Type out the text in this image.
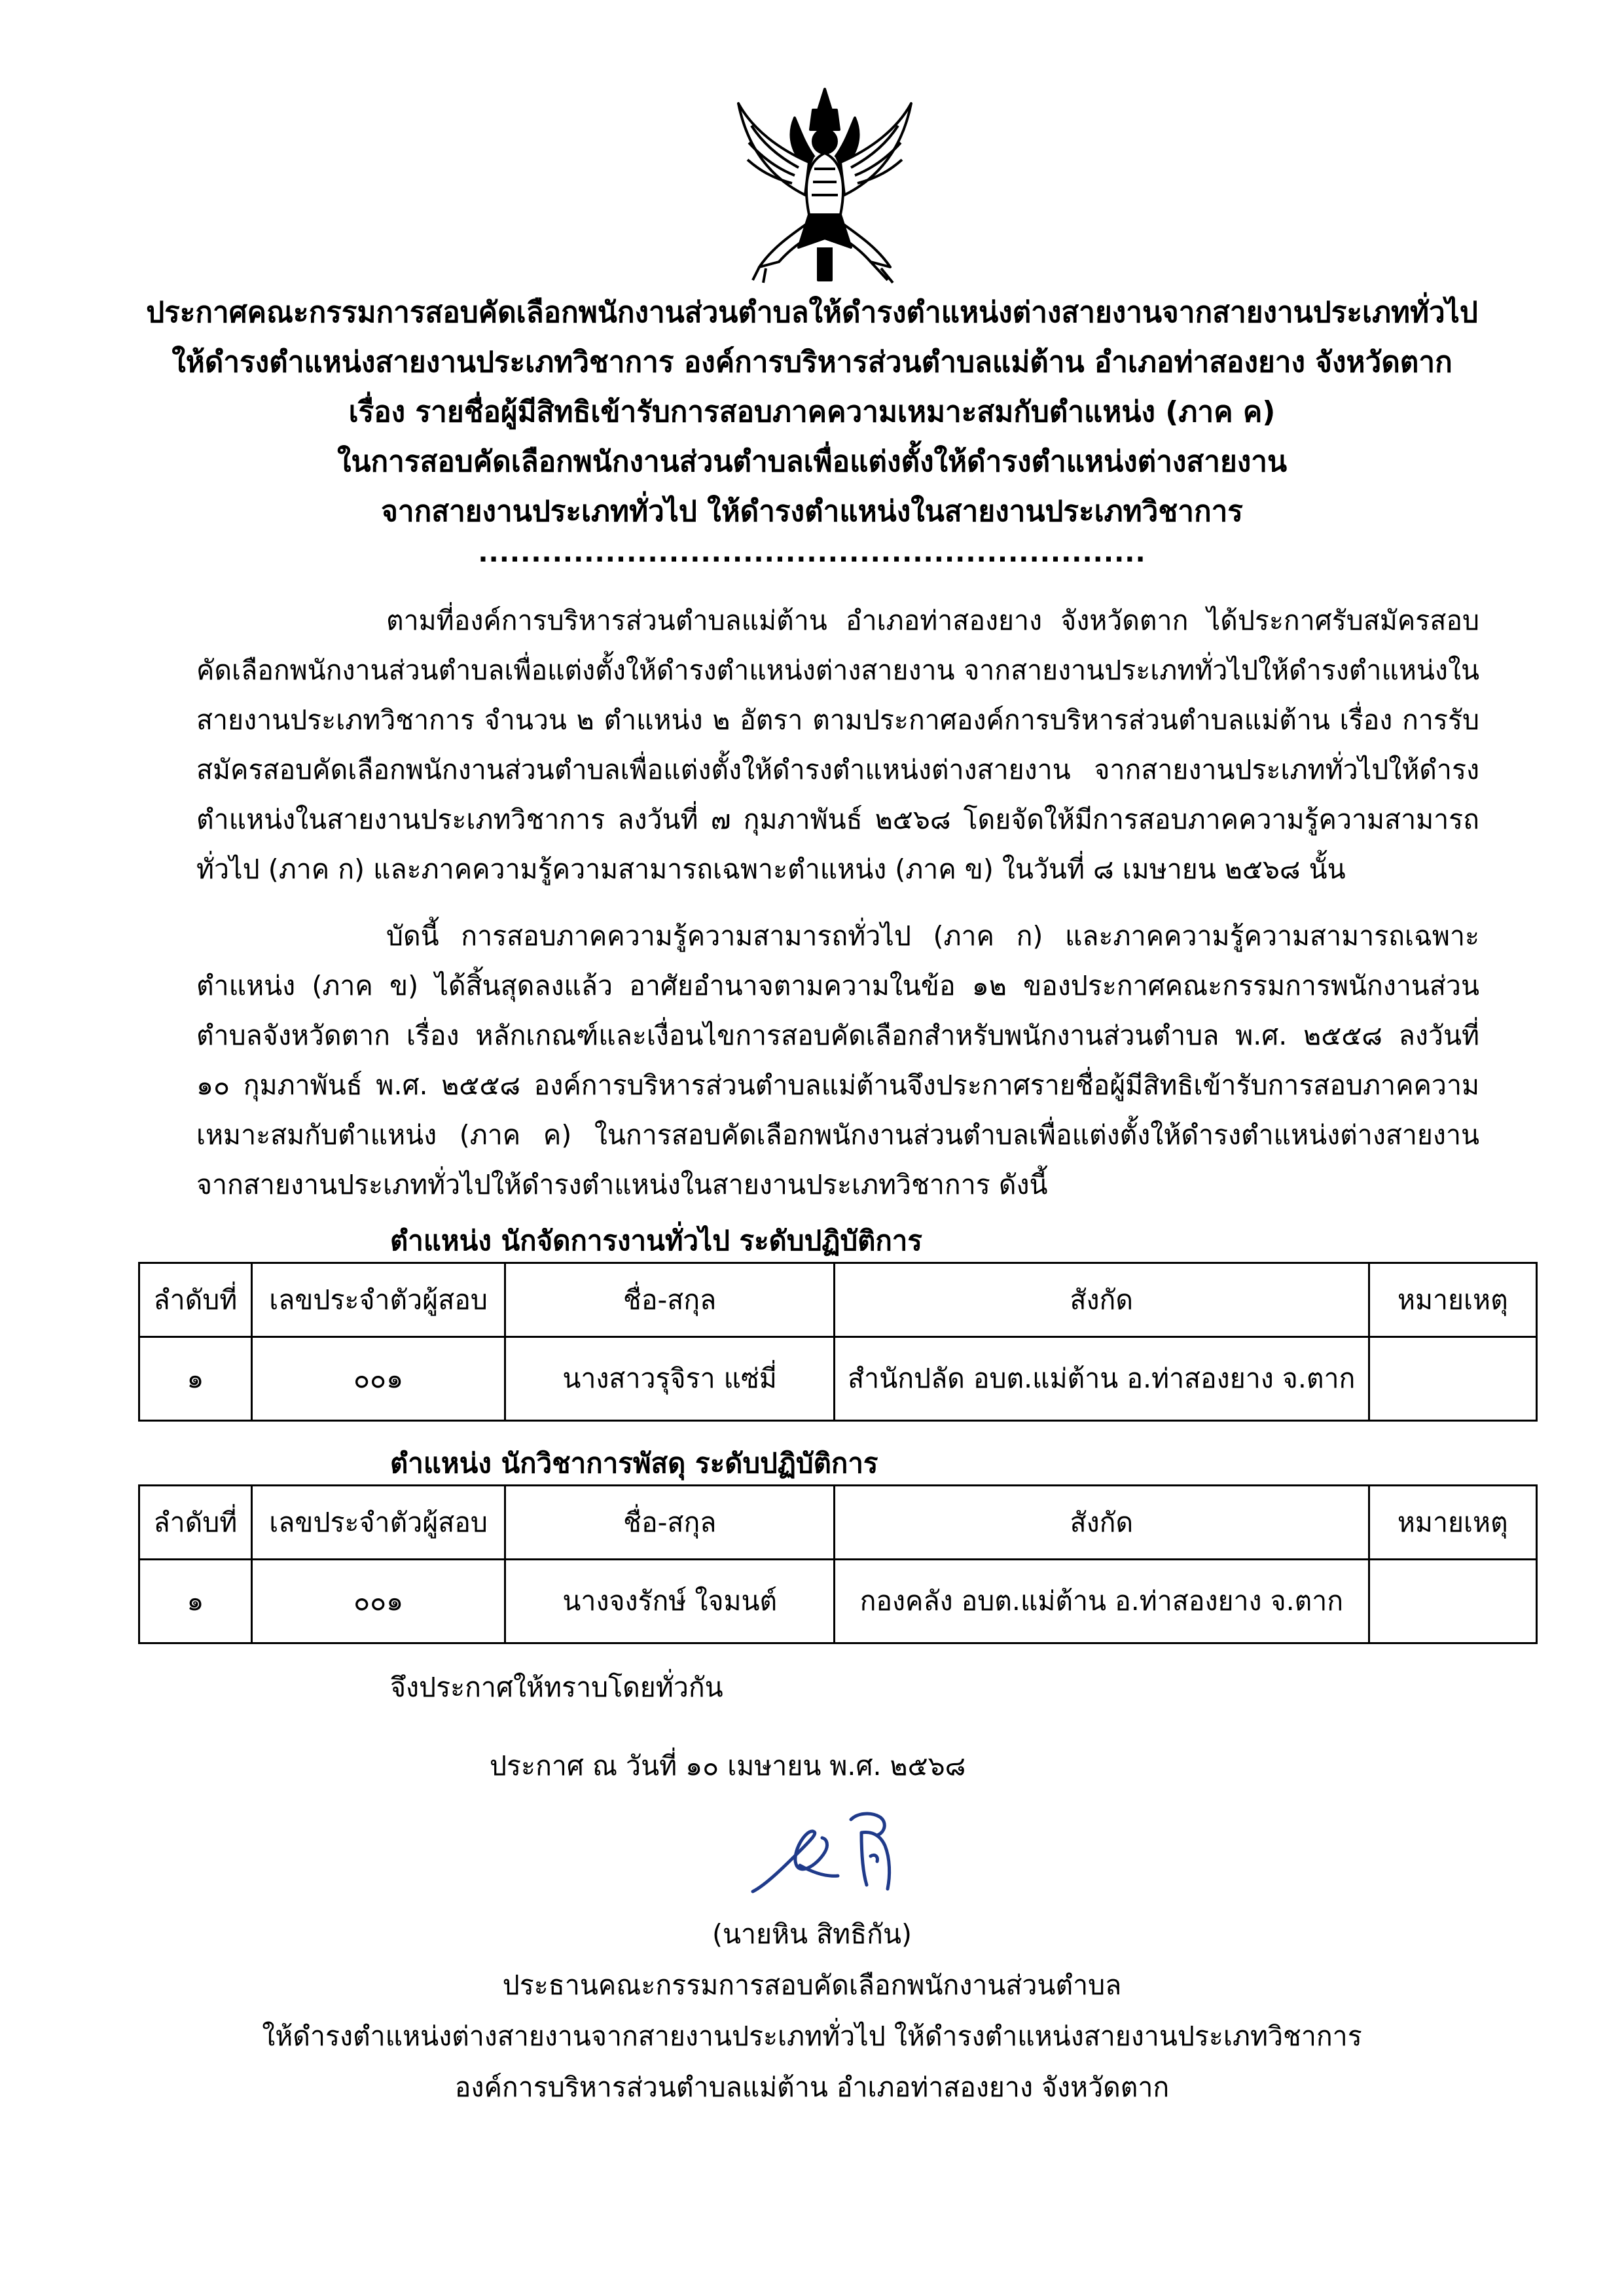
ประกาศคณะกรรมการสอบคัดเลือกพนักงานส่วนตำบลให้ดำรงตำแหน่งต่างสายงานจากสายงานประเภททั่วไป
ให้ดำรงตำแหน่งสายงานประเภทวิชาการ องค์การบริหารส่วนตำบลแม่ต้าน อำเภอท่าสองยาง จังหวัดตาก
เรื่อง รายชื่อผู้มีสิทธิเข้ารับการสอบภาคความเหมาะสมกับตำแหน่ง (ภาค ค)
ในการสอบคัดเลือกพนักงานส่วนตำบลเพื่อแต่งตั้งให้ดำรงตำแหน่งต่างสายงาน
จากสายงานประเภททั่วไป ให้ดำรงตำแหน่งในสายงานประเภทวิชาการ
...............................................................
ตามที่องค์การบริหารส่วนตำบลแม่ต้าน อำเภอท่าสองยาง จังหวัดตาก ได้ประกาศรับสมัครสอบคัดเลือกพนักงานส่วนตำบลเพื่อแต่งตั้งให้ดำรงตำแหน่งต่างสายงาน จากสายงานประเภททั่วไปให้ดำรงตำแหน่งในสายงานประเภทวิชาการ จำนวน ๒ ตำแหน่ง ๒ อัตรา ตามประกาศองค์การบริหารส่วนตำบลแม่ต้าน เรื่อง การรับสมัครสอบคัดเลือกพนักงานส่วนตำบลเพื่อแต่งตั้งให้ดำรงตำแหน่งต่างสายงาน จากสายงานประเภททั่วไปให้ดำรงตำแหน่งในสายงานประเภทวิชาการ ลงวันที่ ๗ กุมภาพันธ์ ๒๕๖๘ โดยจัดให้มีการสอบภาคความรู้ความสามารถทั่วไป (ภาค ก) และภาคความรู้ความสามารถเฉพาะตำแหน่ง (ภาค ข) ในวันที่ ๘ เมษายน ๒๕๖๘ นั้น
บัดนี้ การสอบภาคความรู้ความสามารถทั่วไป (ภาค ก) และภาคความรู้ความสามารถเฉพาะตำแหน่ง (ภาค ข) ได้สิ้นสุดลงแล้ว อาศัยอำนาจตามความในข้อ ๑๒ ของประกาศคณะกรรมการพนักงานส่วนตำบลจังหวัดตาก เรื่อง หลักเกณฑ์และเงื่อนไขการสอบคัดเลือกสำหรับพนักงานส่วนตำบล พ.ศ. ๒๕๕๘ ลงวันที่ ๑๐ กุมภาพันธ์ พ.ศ. ๒๕๕๘ องค์การบริหารส่วนตำบลแม่ต้านจึงประกาศรายชื่อผู้มีสิทธิเข้ารับการสอบภาคความเหมาะสมกับตำแหน่ง (ภาค ค) ในการสอบคัดเลือกพนักงานส่วนตำบลเพื่อแต่งตั้งให้ดำรงตำแหน่งต่างสายงานจากสายงานประเภททั่วไปให้ดำรงตำแหน่งในสายงานประเภทวิชาการ ดังนี้
ตำแหน่ง นักจัดการงานทั่วไป ระดับปฏิบัติการ
ลำดับที่	เลขประจำตัวผู้สอบ	ชื่อ-สกุล	สังกัด	หมายเหตุ
๑	๐๐๑	นางสาวรุจิรา แซ่มี่	สำนักปลัด อบต.แม่ต้าน อ.ท่าสองยาง จ.ตาก	
ตำแหน่ง นักวิชาการพัสดุ ระดับปฏิบัติการ
ลำดับที่	เลขประจำตัวผู้สอบ	ชื่อ-สกุล	สังกัด	หมายเหตุ
๑	๐๐๑	นางจงรักษ์ ใจมนต์	กองคลัง อบต.แม่ต้าน อ.ท่าสองยาง จ.ตาก	
จึงประกาศให้ทราบโดยทั่วกัน
ประกาศ ณ วันที่ ๑๐ เมษายน พ.ศ. ๒๕๖๘
(นายหิน สิทธิกัน)
ประธานคณะกรรมการสอบคัดเลือกพนักงานส่วนตำบล
ให้ดำรงตำแหน่งต่างสายงานจากสายงานประเภททั่วไป ให้ดำรงตำแหน่งสายงานประเภทวิชาการ
องค์การบริหารส่วนตำบลแม่ต้าน อำเภอท่าสองยาง จังหวัดตาก
